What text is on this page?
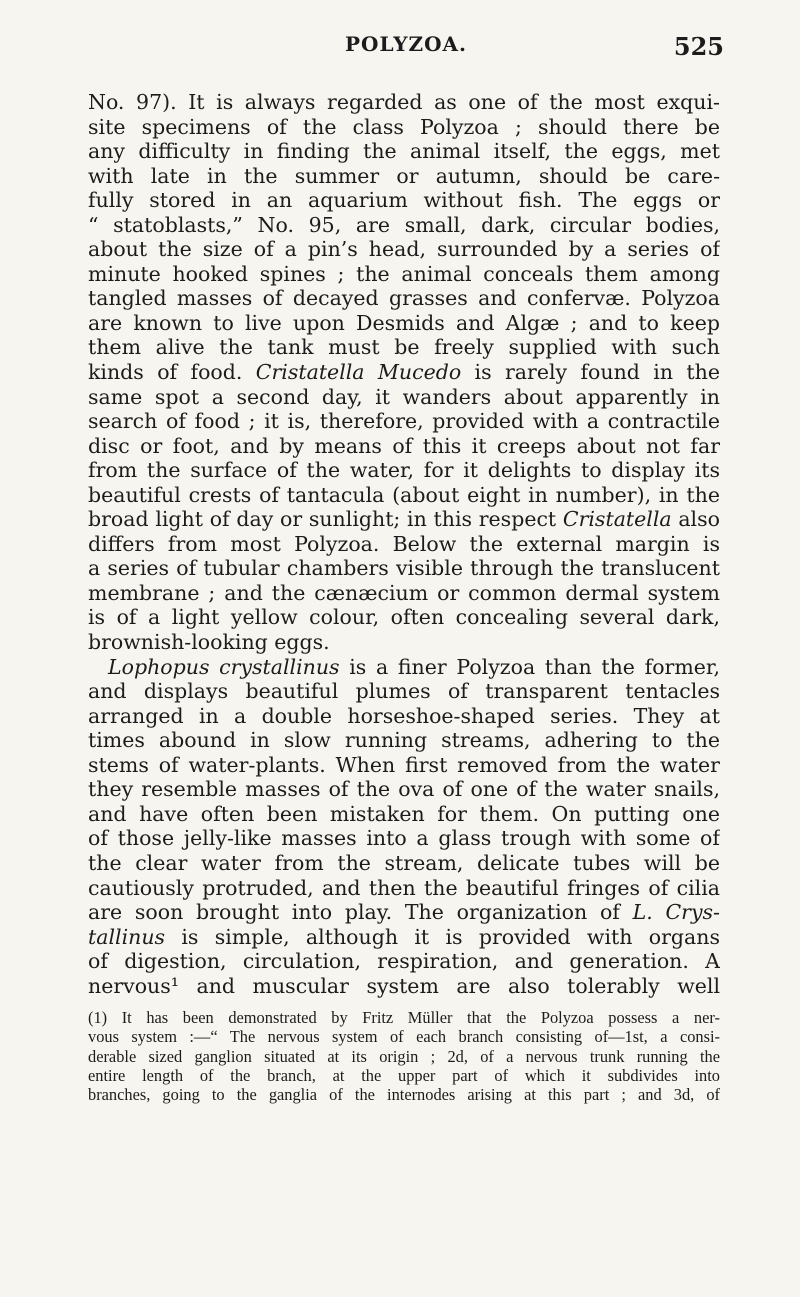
POLYZOA.	525
No. 97). It is always regarded as one of the most exqui-
site specimens of the class Polyzoa ; should there be
any difficulty in finding the animal itself, the eggs, met
with late in the summer or autumn, should be care-
fully stored in an aquarium without fish. The eggs or
“ statoblasts,” No. 95, are small, dark, circular bodies,
about the size of a pin’s head, surrounded by a series of
minute hooked spines ; the animal conceals them among
tangled masses of decayed grasses and confervæ. Polyzoa
are known to live upon Desmids and Algæ ; and to keep
them alive the tank must be freely supplied with such
kinds of food. Cristatella Mucedo is rarely found in the
same spot a second day, it wanders about apparently in
search of food ; it is, therefore, provided with a contractile
disc or foot, and by means of this it creeps about not far
from the surface of the water, for it delights to display its
beautiful crests of tantacula (about eight in number), in the
broad light of day or sunlight; in this respect Cristatella also
differs from most Polyzoa. Below the external margin is
a series of tubular chambers visible through the translucent
membrane ; and the cænæcium or common dermal system
is of a light yellow colour, often concealing several dark,
brownish-looking eggs.
Lophopus crystallinus is a finer Polyzoa than the former,
and displays beautiful plumes of transparent tentacles
arranged in a double horseshoe-shaped series. They at
times abound in slow running streams, adhering to the
stems of water-plants. When first removed from the water
they resemble masses of the ova of one of the water snails,
and have often been mistaken for them. On putting one
of those jelly-like masses into a glass trough with some of
the clear water from the stream, delicate tubes will be
cautiously protruded, and then the beautiful fringes of cilia
are soon brought into play. The organization of L. Crys-
tallinus is simple, although it is provided with organs
of digestion, circulation, respiration, and generation. A
nervous¹ and muscular system are also tolerably well
(1) It has been demonstrated by Fritz Müller that the Polyzoa possess a ner-
vous system :—“ The nervous system of each branch consisting of—1st, a consi-
derable sized ganglion situated at its origin ; 2d, of a nervous trunk running the
entire length of the branch, at the upper part of which it subdivides into
branches, going to the ganglia of the internodes arising at this part ; and 3d, of
